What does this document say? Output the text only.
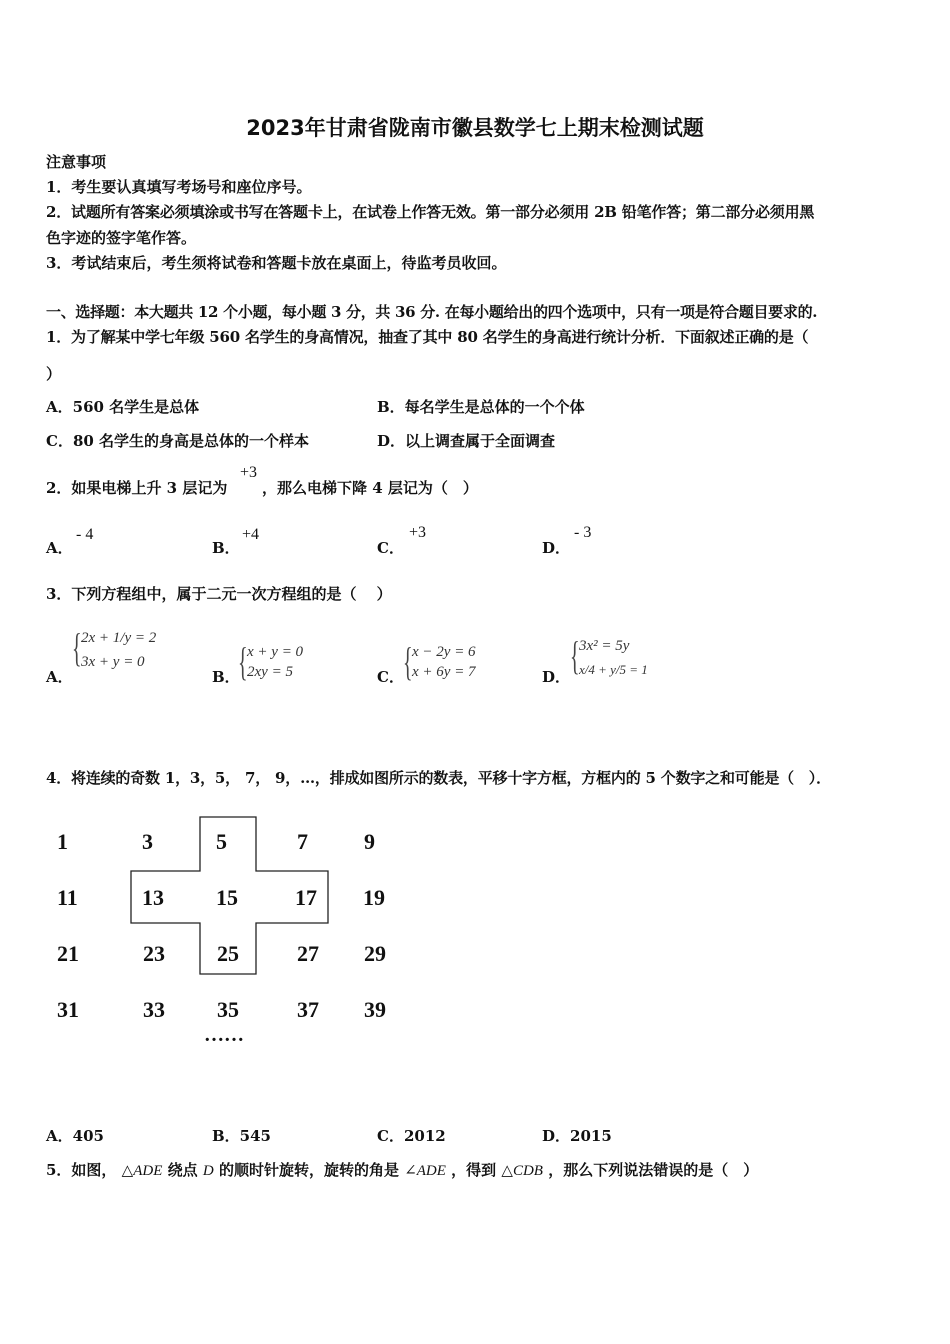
2023年甘肃省陇南市徽县数学七上期末检测试题
注意事项
1．考生要认真填写考场号和座位序号。
2．试题所有答案必须填涂或书写在答题卡上，在试卷上作答无效。第一部分必须用 2B 铅笔作答；第二部分必须用黑
色字迹的签字笔作答。
3．考试结束后，考生须将试卷和答题卡放在桌面上，待监考员收回。
一、选择题：本大题共 12 个小题，每小题 3 分，共 36 分. 在每小题给出的四个选项中，只有一项是符合题目要求的.
1．为了解某中学七年级 560 名学生的身高情况，抽查了其中 80 名学生的身高进行统计分析．下面叙述正确的是（
）
A．560 名学生是总体	B．每名学生是总体的一个个体
C．80 名学生的身高是总体的一个样本	D．以上调查属于全面调查
2．如果电梯上升 3 层记为
+3
，那么电梯下降 4 层记为（　）
A．
- 4
B．
+4
C．
+3
D．
- 3
3．下列方程组中，属于二元一次方程组的是（　 ）
A．
{ 2x + 1/y = 2
3x + y = 0
B．
{ x + y = 0
2xy = 5	C． { x − 2y = 6
x + 6y = 7	D． { 3x² = 5y
x/4 + y/5 = 1
4．将连续的奇数 1，3，5， 7， 9，…，排成如图所示的数表，平移十字方框，方框内的 5 个数字之和可能是（　）．
1	3	5	7	9
11	13 15	17 19
21	23 25	27 29
31	33 35	37 39
……
A．405	B．545	C．2012	D．2015
5．如图， △ADE 绕点 D 的顺时针旋转，旋转的角是 ∠ADE ，得到 △CDB ，那么下列说法错误的是（　）
